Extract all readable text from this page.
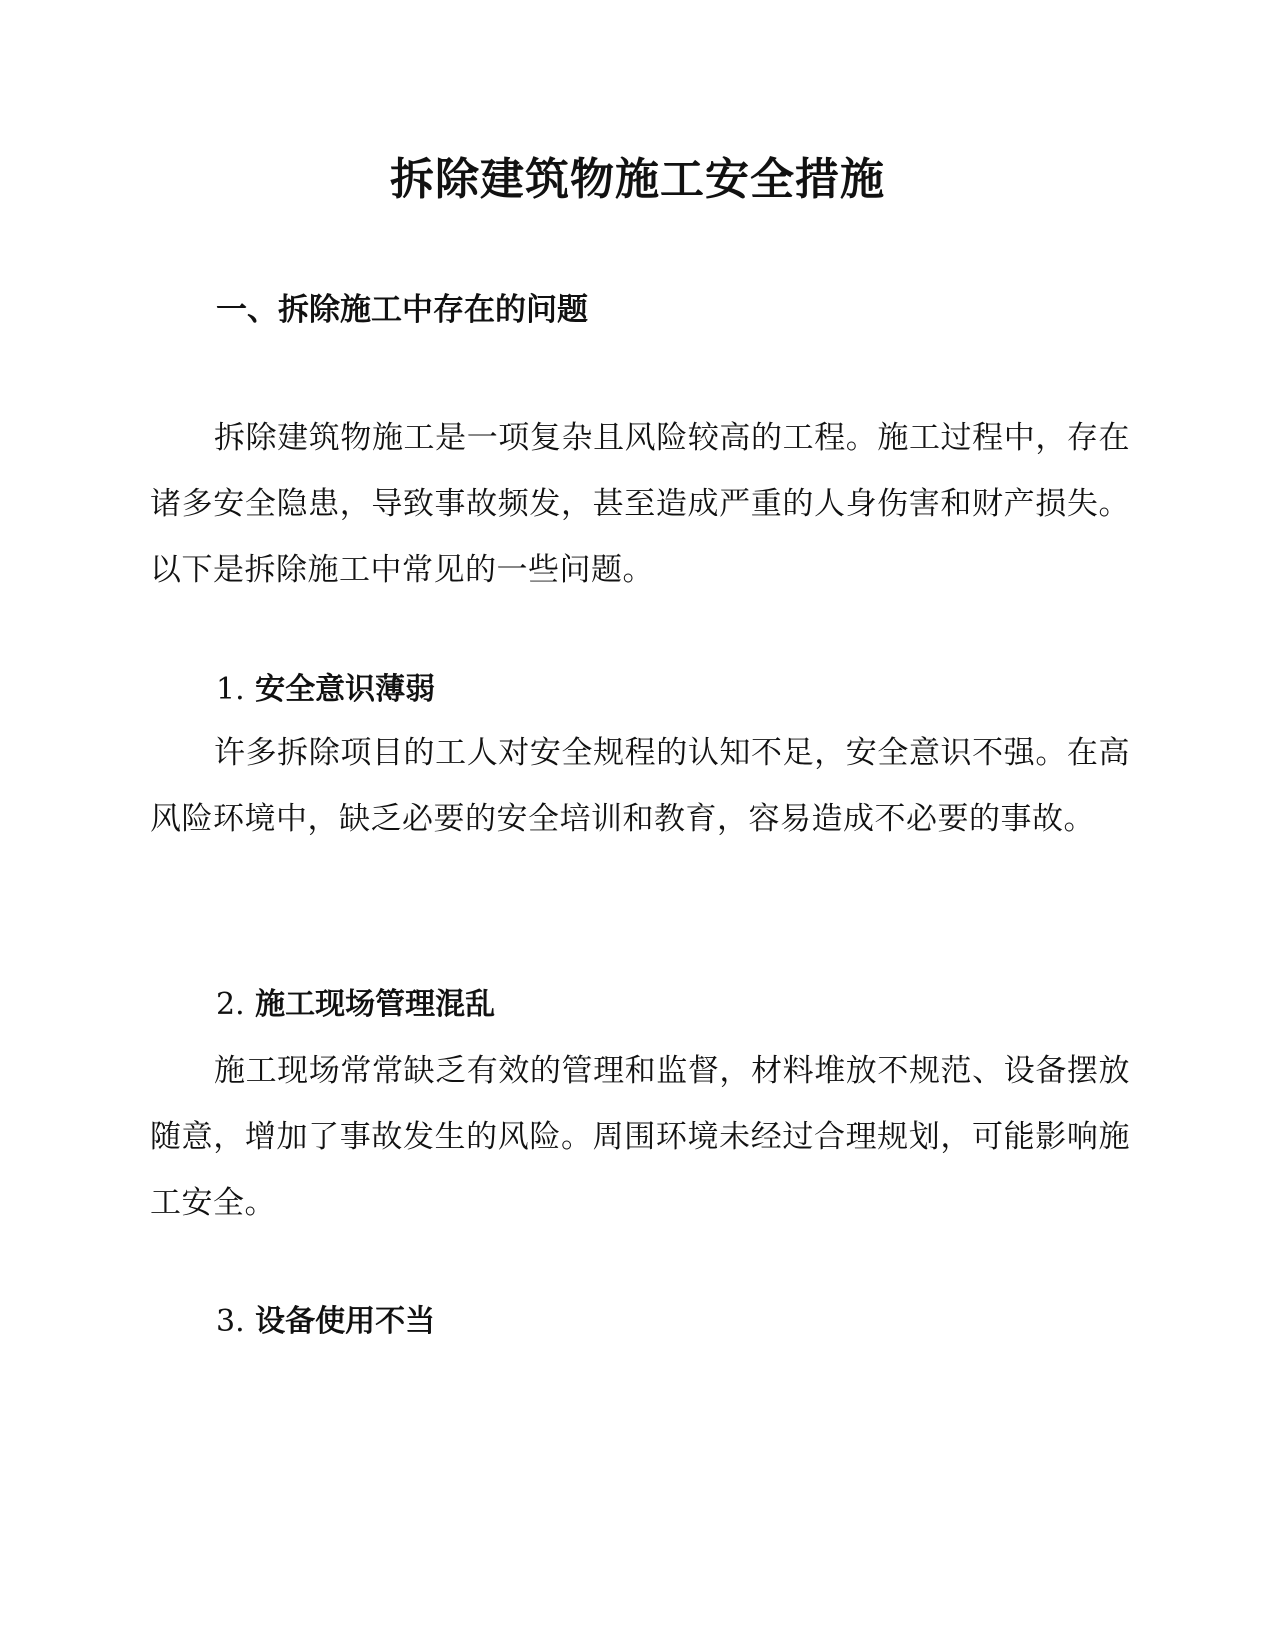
拆除建筑物施工安全措施
一、拆除施工中存在的问题
拆除建筑物施工是一项复杂且风险较高的工程。施工过程中，存在诸多安全隐患，导致事故频发，甚至造成严重的人身伤害和财产损失。以下是拆除施工中常见的一些问题。
1. 安全意识薄弱
许多拆除项目的工人对安全规程的认知不足，安全意识不强。在高风险环境中，缺乏必要的安全培训和教育，容易造成不必要的事故。
2. 施工现场管理混乱
施工现场常常缺乏有效的管理和监督，材料堆放不规范、设备摆放随意，增加了事故发生的风险。周围环境未经过合理规划，可能影响施工安全。
3. 设备使用不当
